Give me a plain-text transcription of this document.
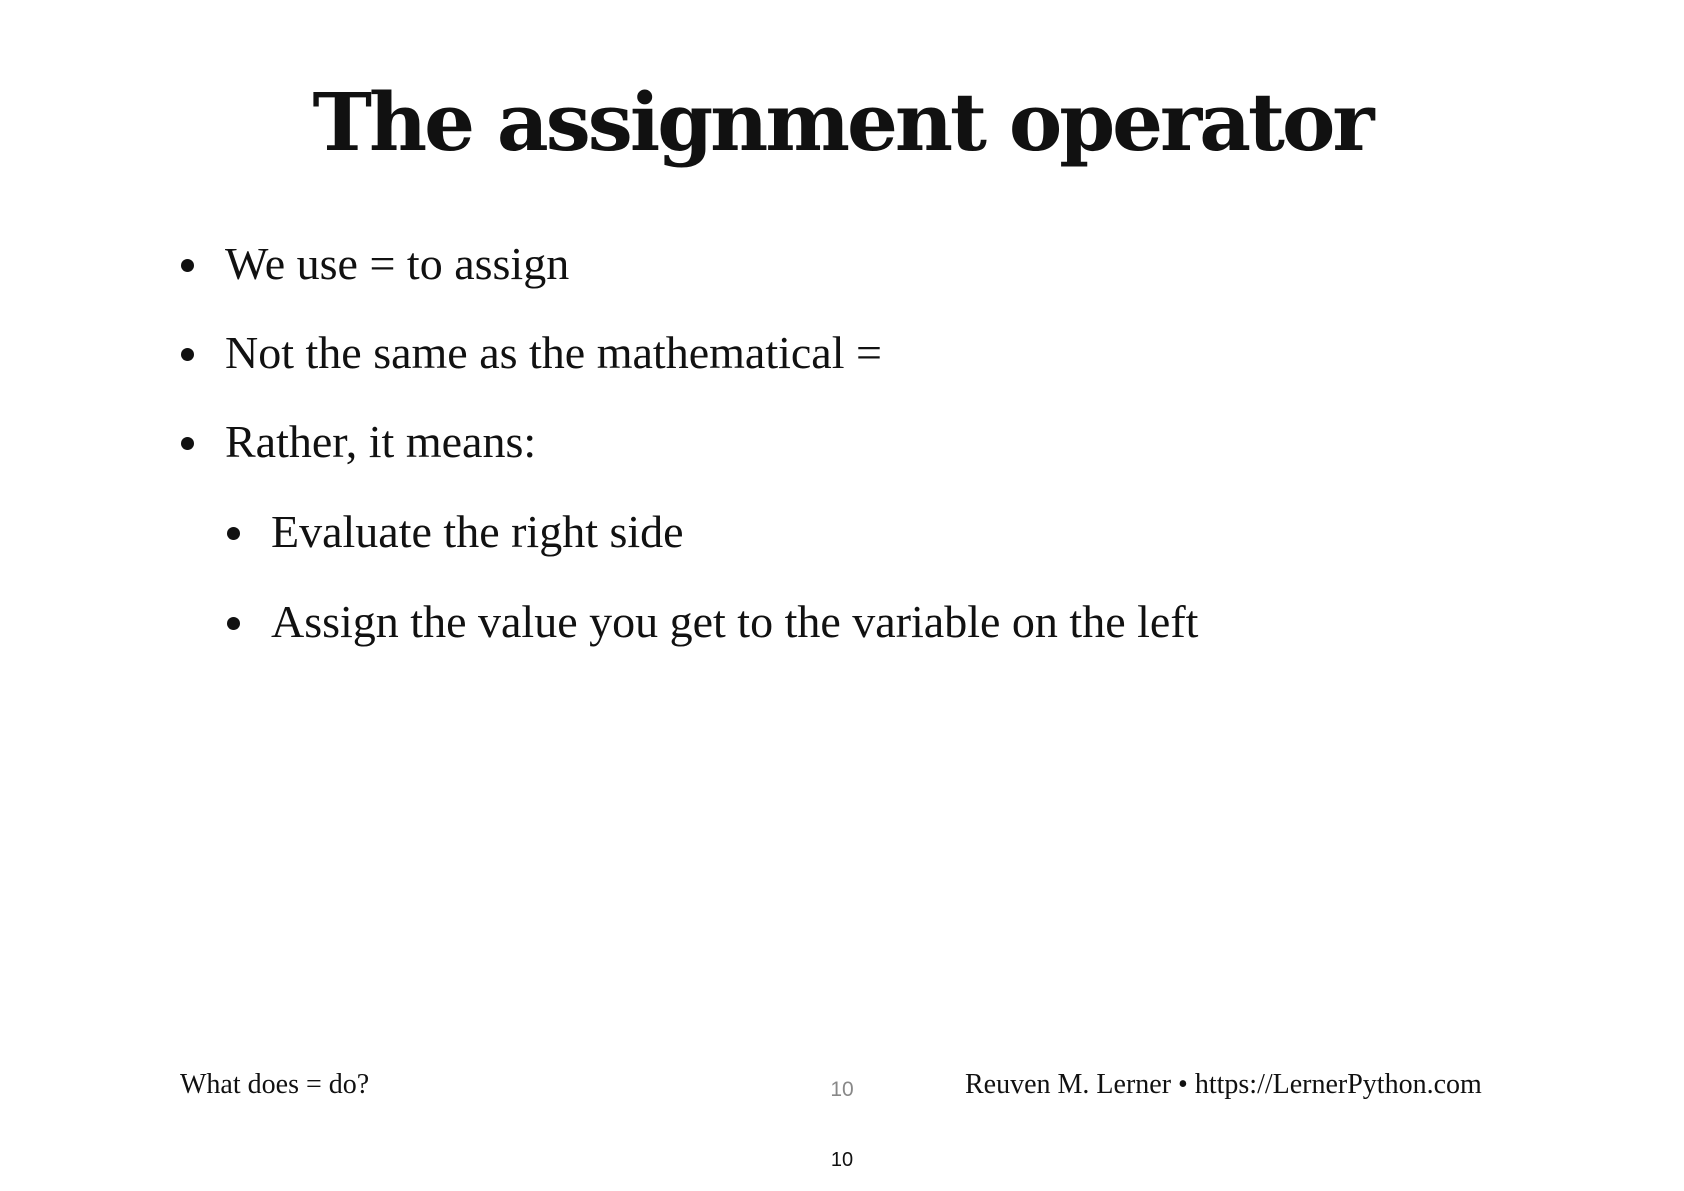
The assignment operator
We use = to assign
Not the same as the mathematical =
Rather, it means:
Evaluate the right side
Assign the value you get to the variable on the left
What does = do?	10	Reuven M. Lerner • https://LernerPython.com
10
